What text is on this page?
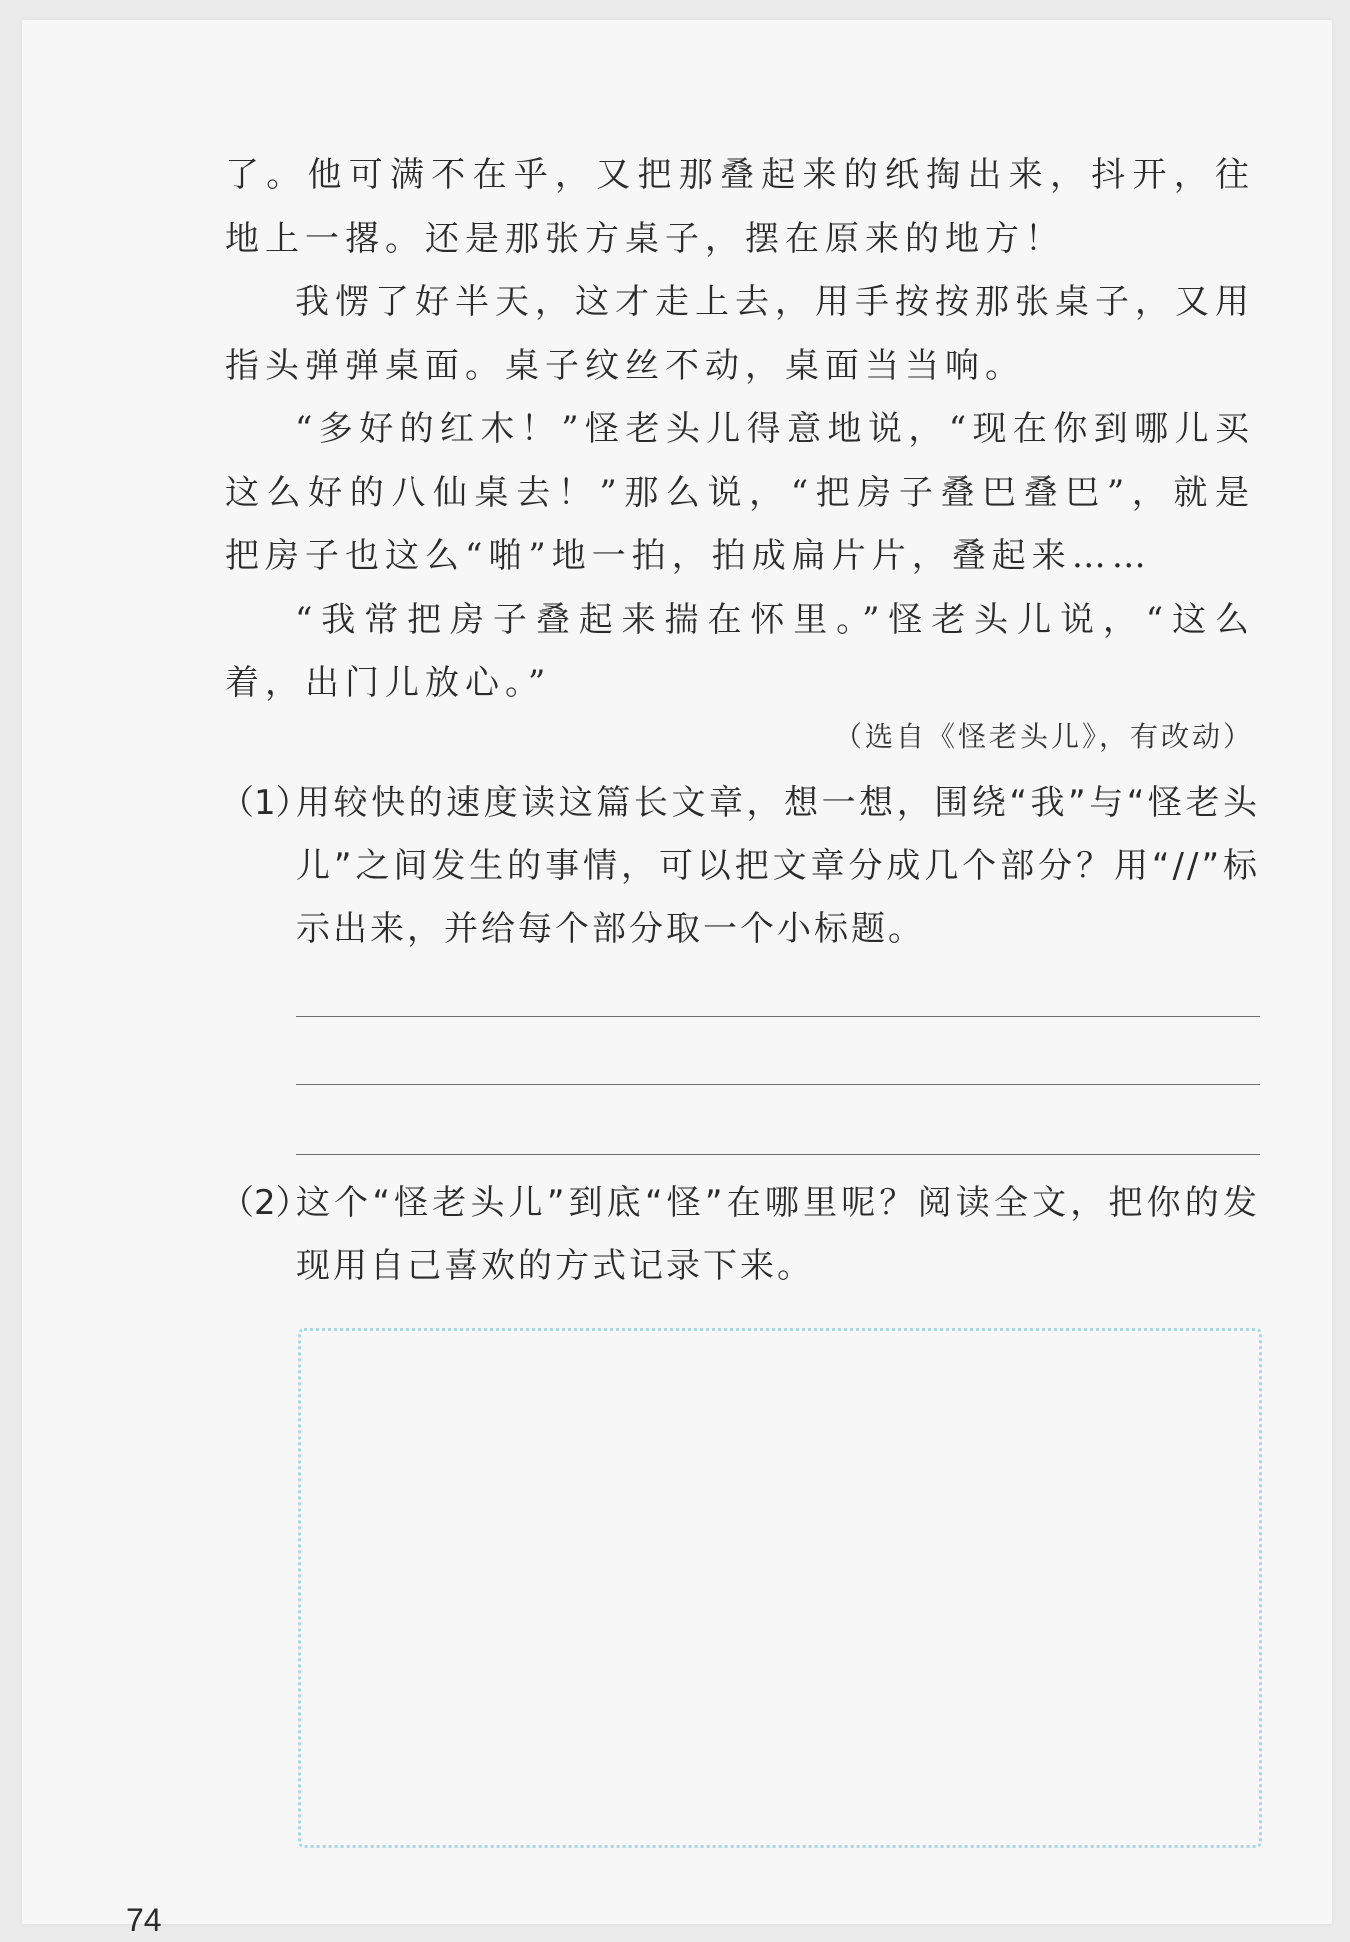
了。他可满不在乎，又把那叠起来的纸掏出来，抖开，往地上一撂。还是那张方桌子，摆在原来的地方！

我愣了好半天，这才走上去，用手按按那张桌子，又用指头弹弹桌面。桌子纹丝不动，桌面当当响。

“多好的红木！”怪老头儿得意地说，“现在你到哪儿买这么好的八仙桌去！”那么说，“把房子叠巴叠巴”，就是把房子也这么“啪”地一拍，拍成扁片片，叠起来……

“我常把房子叠起来揣在怀里。”怪老头儿说，“这么着，出门儿放心。”

（选自《怪老头儿》，有改动）
（1）
用较快的速度读这篇长文章，想一想，围绕“我”与“怪老头儿”之间发生的事情，可以把文章分成几个部分？用“//”标示出来，并给每个部分取一个小标题。
（2）
这个“怪老头儿”到底“怪”在哪里呢？阅读全文，把你的发现用自己喜欢的方式记录下来。
74
